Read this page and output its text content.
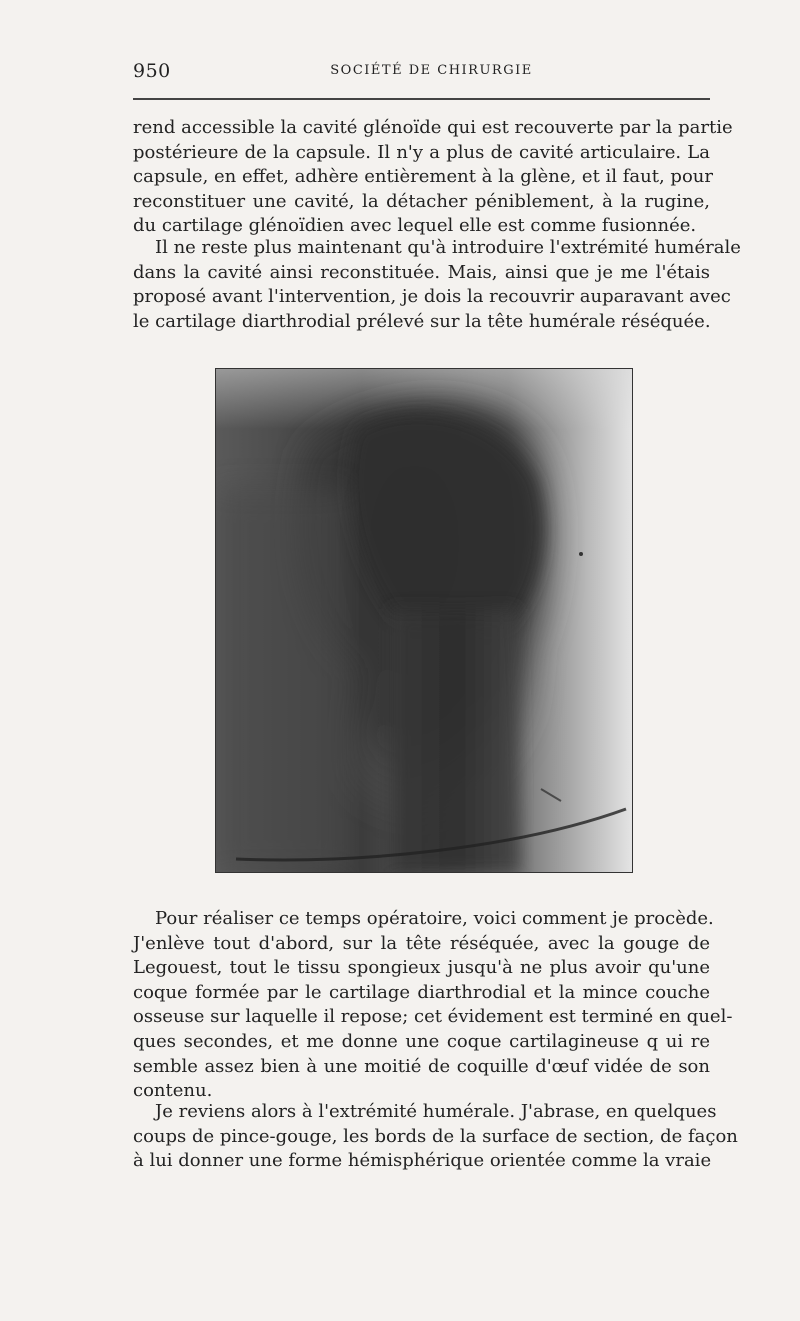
950	SOCIÉTÉ DE CHIRURGIE

rend accessible la cavité glénoïde qui est recouverte par la partie
postérieure de la capsule. Il n'y a plus de cavité articulaire. La
capsule, en effet, adhère entièrement à la glène, et il faut, pour
reconstituer une cavité, la détacher péniblement, à la rugine,
du cartilage glénoïdien avec lequel elle est comme fusionnée.

Il ne reste plus maintenant qu'à introduire l'extrémité humérale
dans la cavité ainsi reconstituée. Mais, ainsi que je me l'étais
proposé avant l'intervention, je dois la recouvrir auparavant avec
le cartilage diarthrodial prélevé sur la tête humérale réséquée.

Pour réaliser ce temps opératoire, voici comment je procède.
J'enlève tout d'abord, sur la tête réséquée, avec la gouge de
Legouest, tout le tissu spongieux jusqu'à ne plus avoir qu'une
coque formée par le cartilage diarthrodial et la mince couche
osseuse sur laquelle il repose; cet évidement est terminé en quel-
ques secondes, et me donne une coque cartilagineuse q ui re
semble assez bien à une moitié de coquille d'œuf vidée de son
contenu.

Je reviens alors à l'extrémité humérale. J'abrase, en quelques
coups de pince-gouge, les bords de la surface de section, de façon
à lui donner une forme hémisphérique orientée comme la vraie
